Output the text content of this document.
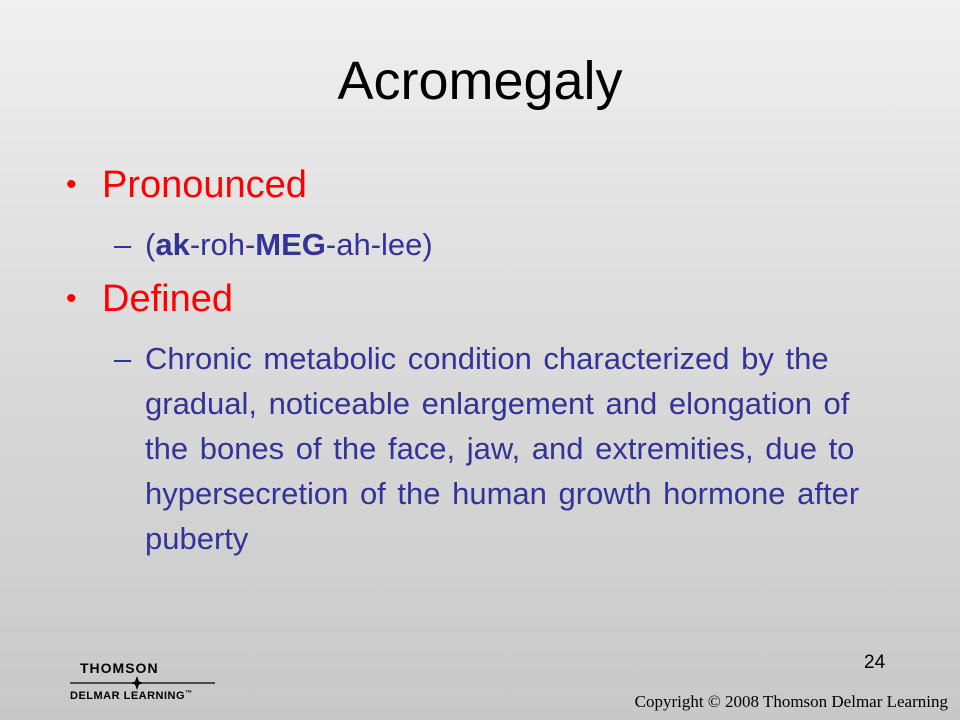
Acromegaly
• Pronounced
– (ak-roh-MEG-ah-lee)
• Defined
– Chronic metabolic condition characterized by the gradual, noticeable enlargement and elongation of the bones of the face, jaw, and extremities, due to hypersecretion of the human growth hormone after puberty
24
THOMSON
DELMAR LEARNING™	Copyright © 2008 Thomson Delmar Learning
